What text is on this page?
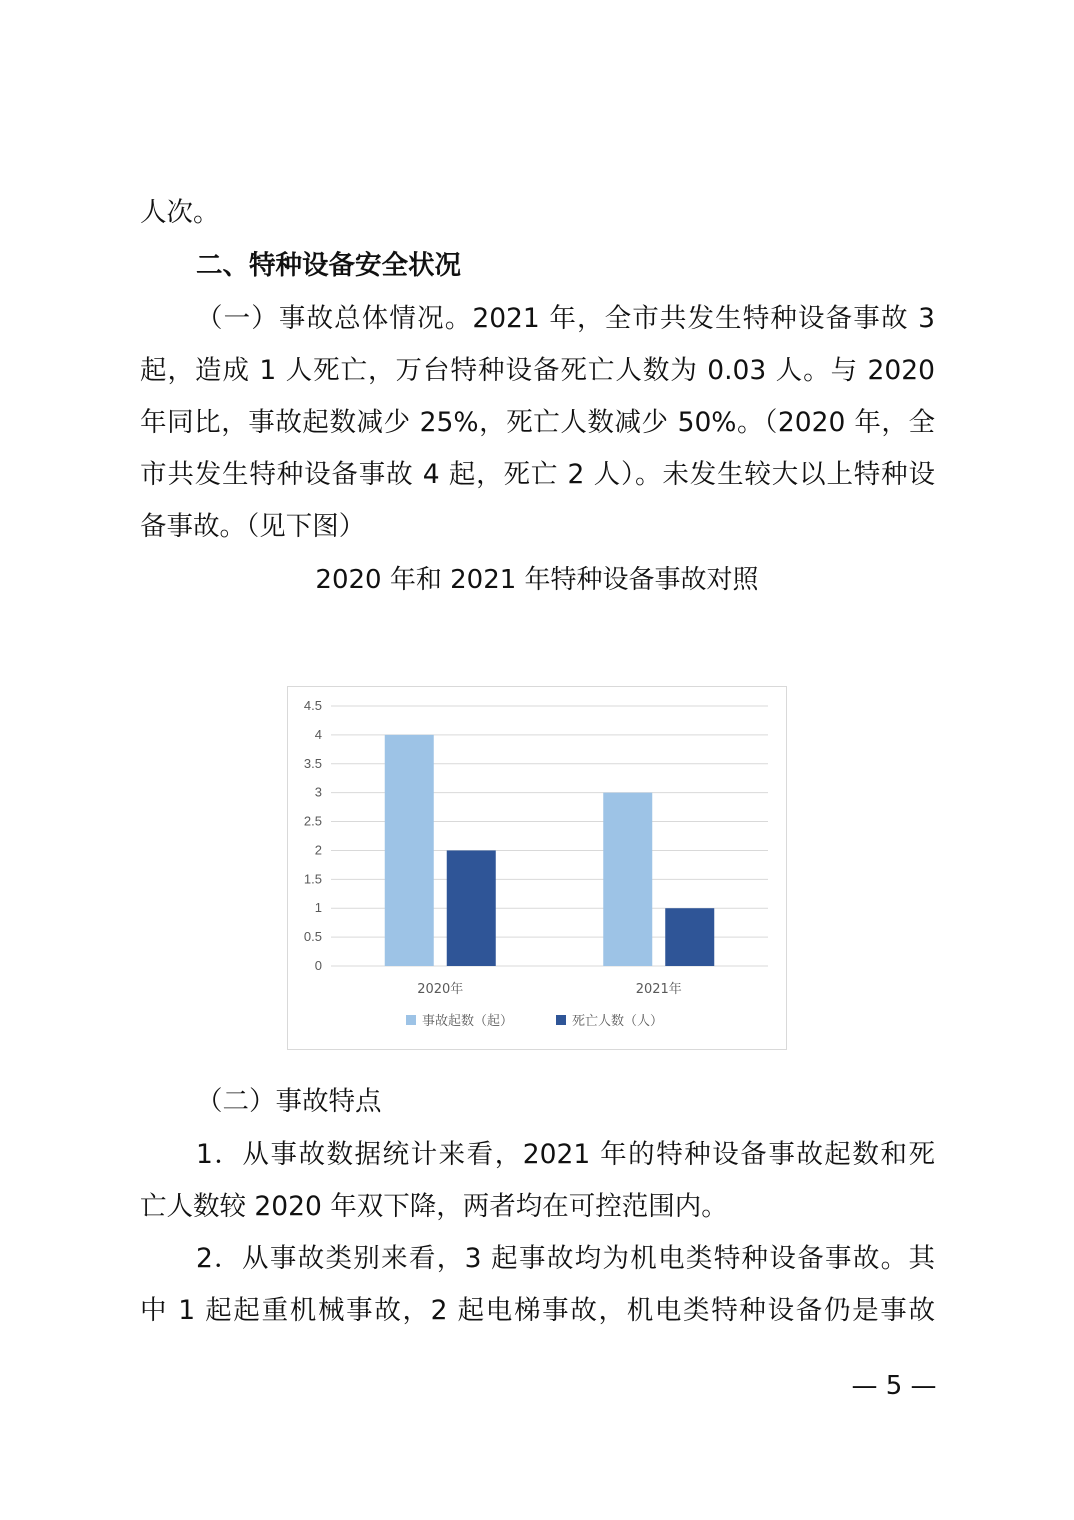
人次。
二、特种设备安全状况
（一）事故总体情况。2021 年，全市共发生特种设备事故 3
起，造成 1 人死亡，万台特种设备死亡人数为 0.03 人。与 2020
年同比，事故起数减少 25%，死亡人数减少 50%。（2020 年，全
市共发生特种设备事故 4 起，死亡 2 人）。未发生较大以上特种设
备事故。（见下图）
2020 年和 2021 年特种设备事故对照
0
0.5
1
1.5
2
2.5
3
3.5
4
4.5
2020年	2021年
事故起数（起）	死亡人数（人）
（二）事故特点
1．从事故数据统计来看，2021 年的特种设备事故起数和死
亡人数较 2020 年双下降，两者均在可控范围内。
2．从事故类别来看，3 起事故均为机电类特种设备事故。其
中 1 起起重机械事故，2 起电梯事故，机电类特种设备仍是事故
— 5 —
